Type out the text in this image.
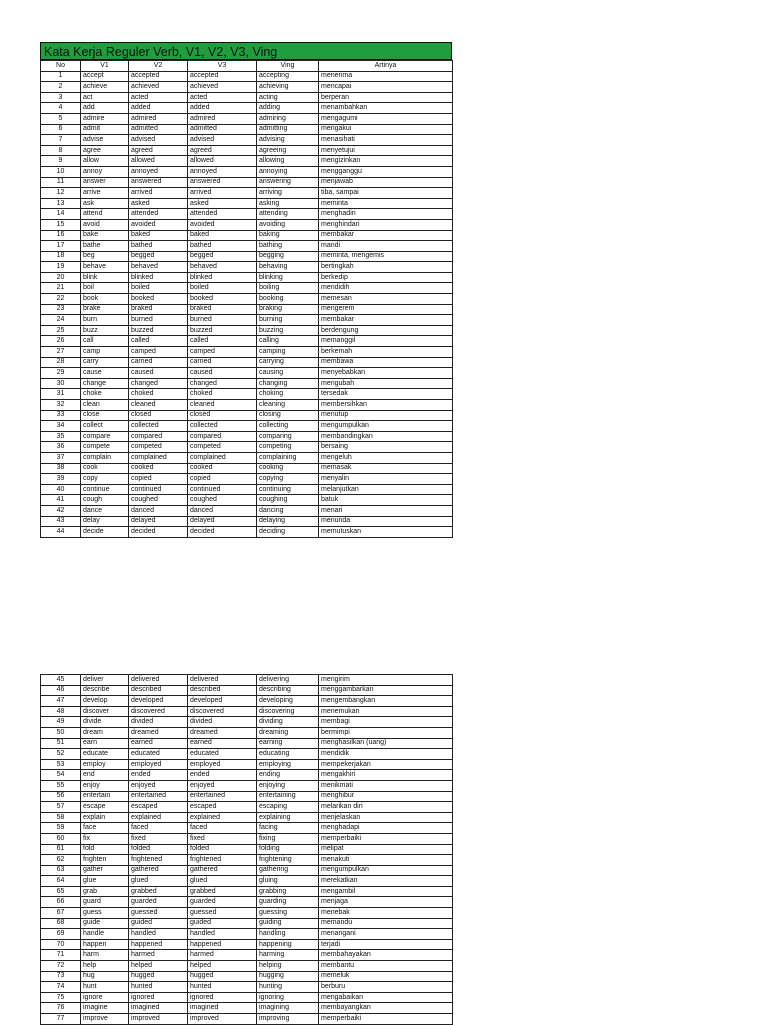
Kata Kerja Reguler Verb, V1, V2, V3, Ving
No	V1	V2	V3	Ving	Artinya
1	accept	accepted	accepted	accepting	menerima
2	achieve	achieved	achieved	achieving	mencapai
3	act	acted	acted	acting	berperan
4	add	added	added	adding	menambahkan
5	admire	admired	admired	admiring	mengagumi
6	admit	admitted	admitted	admitting	mengakui
7	advise	advised	advised	advising	menasihati
8	agree	agreed	agreed	agreeing	menyetujui
9	allow	allowed	allowed	allowing	mengizinkan
10	annoy	annoyed	annoyed	annoying	mengganggu
11	answer	answered	answered	answering	menjawab
12	arrive	arrived	arrived	arriving	tiba, sampai
13	ask	asked	asked	asking	meminta
14	attend	attended	attended	attending	menghadiri
15	avoid	avoided	avoided	avoiding	menghindari
16	bake	baked	baked	baking	membakar
17	bathe	bathed	bathed	bathing	mandi
18	beg	begged	begged	begging	meminta, mengemis
19	behave	behaved	behaved	behaving	bertingkah
20	blink	blinked	blinked	blinking	berkedip
21	boil	boiled	boiled	boiling	mendidih
22	book	booked	booked	booking	memesan
23	brake	braked	braked	braking	mengerem
24	burn	burned	burned	burning	membakar
25	buzz	buzzed	buzzed	buzzing	berdengung
26	call	called	called	calling	memanggil
27	camp	camped	camped	camping	berkemah
28	carry	carried	carried	carrying	membawa
29	cause	caused	caused	causing	menyebabkan
30	change	changed	changed	changing	mengubah
31	choke	choked	choked	choking	tersedak
32	clean	cleaned	cleaned	cleaning	membersihkan
33	close	closed	closed	closing	menutup
34	collect	collected	collected	collecting	mengumpulkan
35	compare	compared	compared	comparing	membandingkan
36	compete	competed	competed	competing	bersaing
37	complain	complained	complained	complaining	mengeluh
38	cook	cooked	cooked	cooking	memasak
39	copy	copied	copied	copying	menyalin
40	continue	continued	continued	continuing	melanjutkan
41	cough	coughed	coughed	coughing	batuk
42	dance	danced	danced	dancing	menari
43	delay	delayed	delayed	delaying	menunda
44	decide	decided	decided	deciding	memutuskan
45	deliver	delivered	delivered	delivering	mengirim
46	describe	described	described	describing	menggambarkan
47	develop	developed	developed	developing	mengembangkan
48	discover	discovered	discovered	discovering	menemukan
49	divide	divided	divided	dividing	membagi
50	dream	dreamed	dreamed	dreaming	bermimpi
51	earn	earned	earned	earning	menghasilkan (uang)
52	educate	educated	educated	educating	mendidik
53	employ	employed	employed	employing	mempekerjakan
54	end	ended	ended	ending	mengakhiri
55	enjoy	enjoyed	enjoyed	enjoying	menikmati
56	entertain	entertained	entertained	entertaining	menghibur
57	escape	escaped	escaped	escaping	melarikan diri
58	explain	explained	explained	explaining	menjelaskan
59	face	faced	faced	facing	menghadapi
60	fix	fixed	fixed	fixing	memperbaiki
61	fold	folded	folded	folding	melipat
62	frighten	frightened	frightened	frightening	menakuti
63	gather	gathered	gathered	gathering	mengumpulkan
64	glue	glued	glued	gluing	merekatkan
65	grab	grabbed	grabbed	grabbing	mengambil
66	guard	guarded	guarded	guarding	menjaga
67	guess	guessed	guessed	guessing	menebak
68	guide	guided	guided	guiding	memandu
69	handle	handled	handled	handling	menangani
70	happen	happened	happened	happening	terjadi
71	harm	harmed	harmed	harming	membahayakan
72	help	helped	helped	helping	membantu
73	hug	hugged	hugged	hugging	memeluk
74	hunt	hunted	hunted	hunting	berburu
75	ignore	ignored	ignored	ignoring	mengabaikan
76	imagine	imagined	imagined	imagining	membayangkan
77	improve	improved	improved	improving	memperbaiki
